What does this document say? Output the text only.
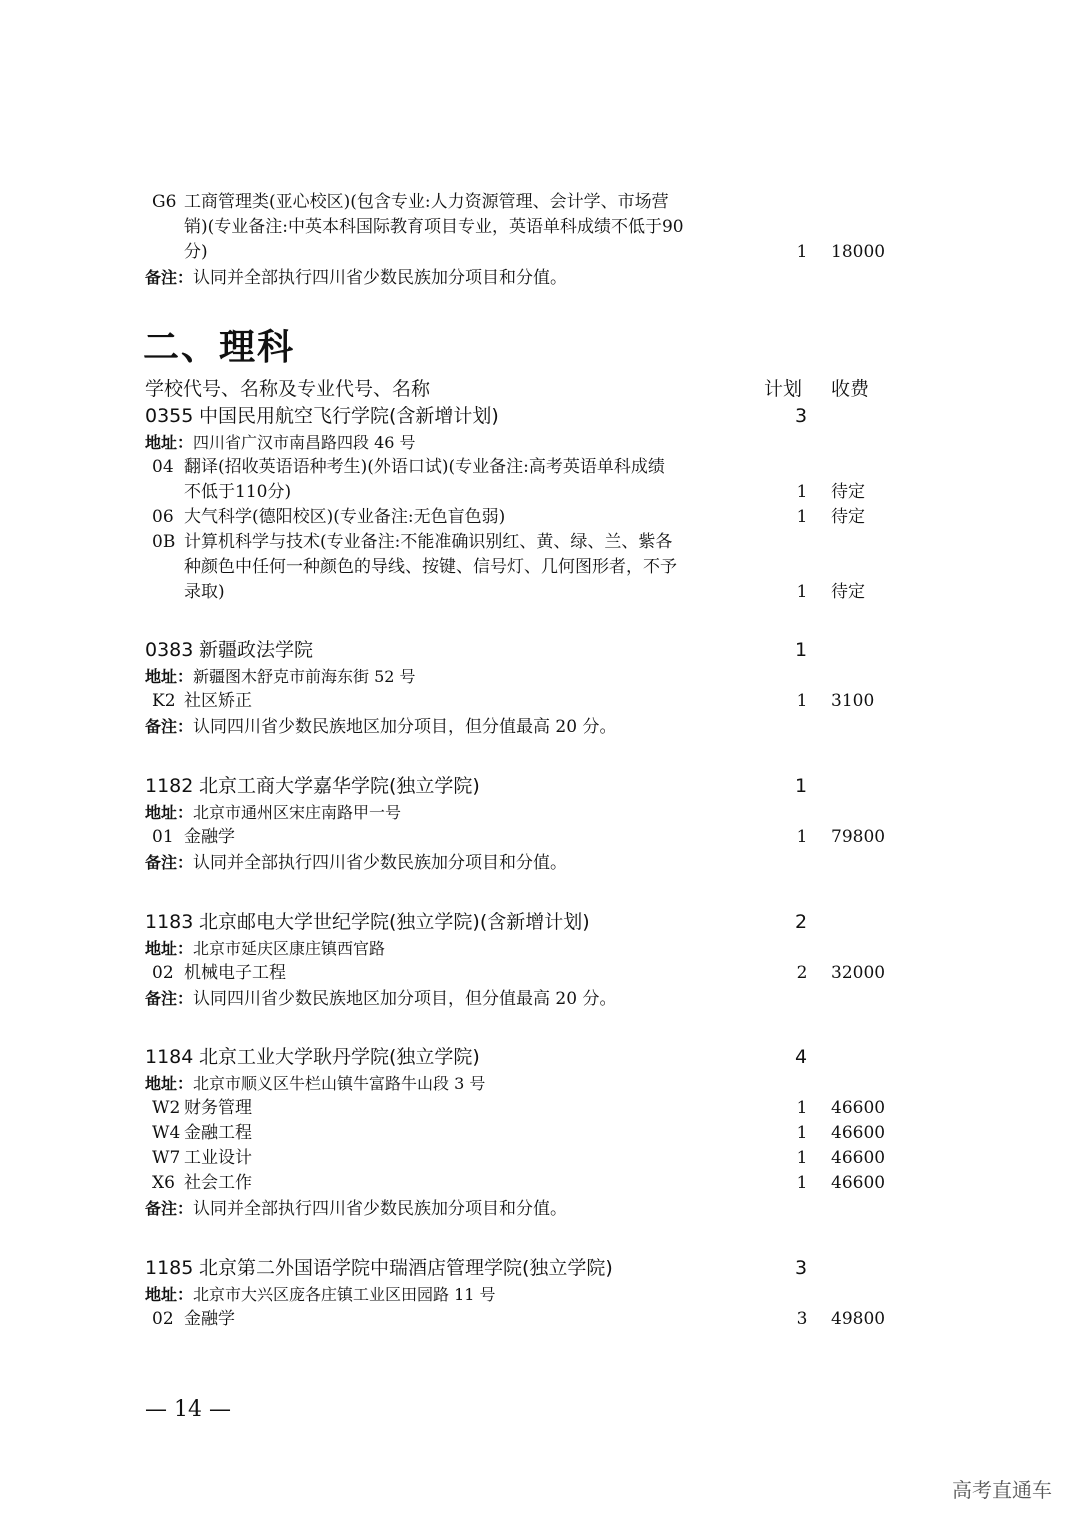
G6 工商管理类(亚心校区)(包含专业:人力资源管理、会计学、市场营
销)(专业备注:中英本科国际教育项目专业，英语单科成绩不低于90
分)	1 18000
备注：认同并全部执行四川省少数民族加分项目和分值。
二、理科
学校代号、名称及专业代号、名称	计划 收费
0355 中国民用航空飞行学院(含新增计划)	3
地址：四川省广汉市南昌路四段 46 号
04 翻译(招收英语语种考生)(外语口试)(专业备注:高考英语单科成绩
不低于110分)	1 待定
06 大气科学(德阳校区)(专业备注:无色盲色弱)	1 待定
0B 计算机科学与技术(专业备注:不能准确识别红、黄、绿、兰、紫各
种颜色中任何一种颜色的导线、按键、信号灯、几何图形者，不予
录取)	1 待定
0383 新疆政法学院	1
地址：新疆图木舒克市前海东街 52 号
K2 社区矫正	1 3100
备注：认同四川省少数民族地区加分项目，但分值最高 20 分。
1182 北京工商大学嘉华学院(独立学院)	1
地址：北京市通州区宋庄南路甲一号
01 金融学	1 79800
备注：认同并全部执行四川省少数民族加分项目和分值。
1183 北京邮电大学世纪学院(独立学院)(含新增计划)	2
地址：北京市延庆区康庄镇西官路
02 机械电子工程	2 32000
备注：认同四川省少数民族地区加分项目，但分值最高 20 分。
1184 北京工业大学耿丹学院(独立学院)	4
地址：北京市顺义区牛栏山镇牛富路牛山段 3 号
W2 财务管理	1 46600
W4 金融工程	1 46600
W7 工业设计	1 46600
X6 社会工作	1 46600
备注：认同并全部执行四川省少数民族加分项目和分值。
1185 北京第二外国语学院中瑞酒店管理学院(独立学院)	3
地址：北京市大兴区庞各庄镇工业区田园路 11 号
02 金融学	3 49800
— 14 —
高考直通车
